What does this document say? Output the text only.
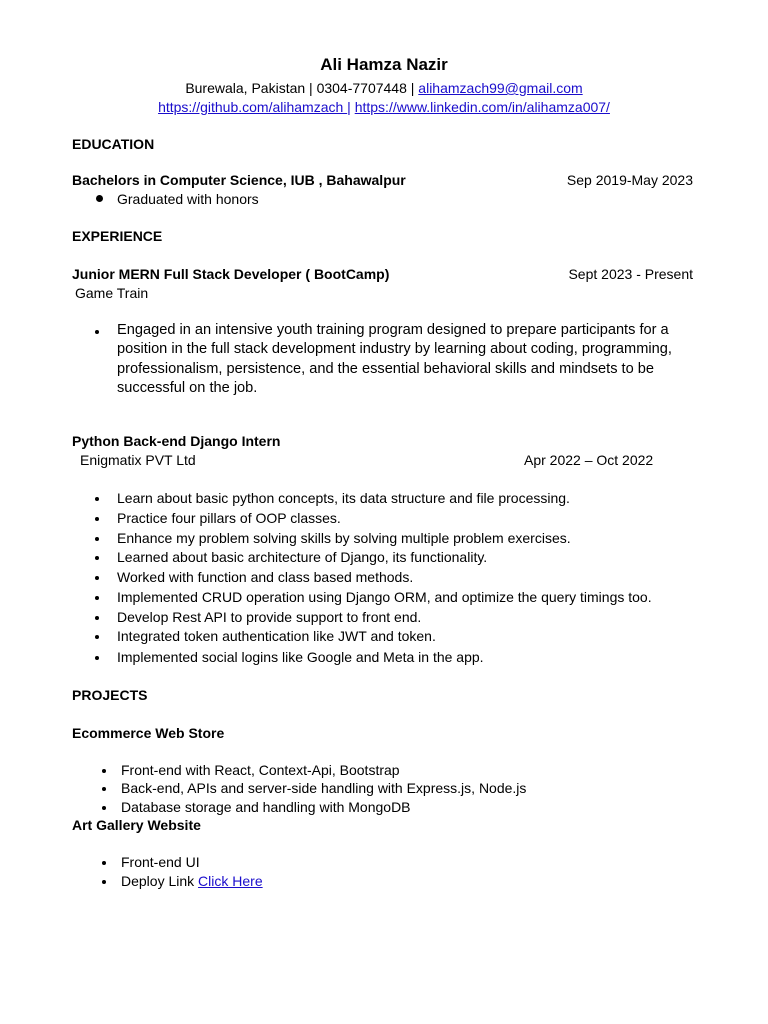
Ali Hamza Nazir
Burewala, Pakistan | 0304-7707448 | alihamzach99@gmail.com
https://github.com/alihamzach | https://www.linkedin.com/in/alihamza007/
EDUCATION
Bachelors in Computer Science, IUB , Bahawalpur	Sep 2019-May 2023
Graduated with honors
EXPERIENCE
Junior MERN Full Stack Developer ( BootCamp)	Sept 2023 - Present
Game Train
Engaged in an intensive youth training program designed to prepare participants for a position in the full stack development industry by learning about coding, programming, professionalism, persistence, and the essential behavioral skills and mindsets to be successful on the job.
Python Back-end Django Intern
Enigmatix PVT Ltd	Apr 2022 – Oct 2022
Learn about basic python concepts, its data structure and file processing.
Practice four pillars of OOP classes.
Enhance my problem solving skills by solving multiple problem exercises.
Learned about basic architecture of Django, its functionality.
Worked with function and class based methods.
Implemented CRUD operation using Django ORM, and optimize the query timings too.
Develop Rest API to provide support to front end.
Integrated token authentication like JWT and token.
Implemented social logins like Google and Meta in the app.
PROJECTS
Ecommerce Web Store
Front-end with React, Context-Api, Bootstrap
Back-end, APIs and server-side handling with Express.js, Node.js
Database storage and handling with MongoDB
Art Gallery Website
Front-end UI
Deploy Link Click Here
